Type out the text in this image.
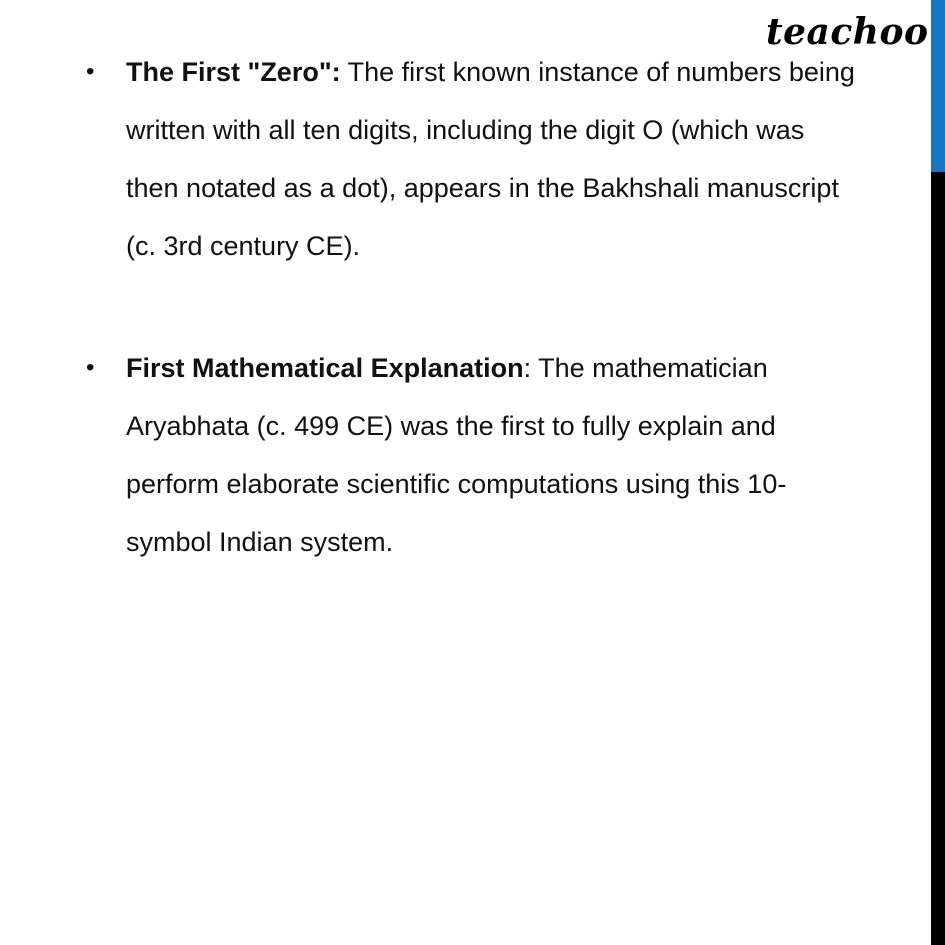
teachoo
•	The First "Zero": The first known instance of numbers being written with all ten digits, including the digit O (which was then notated as a dot), appears in the Bakhshali manuscript (c. 3rd century CE).
•	First Mathematical Explanation: The mathematician Aryabhata (c. 499 CE) was the first to fully explain and perform elaborate scientific computations using this 10-symbol Indian system.
